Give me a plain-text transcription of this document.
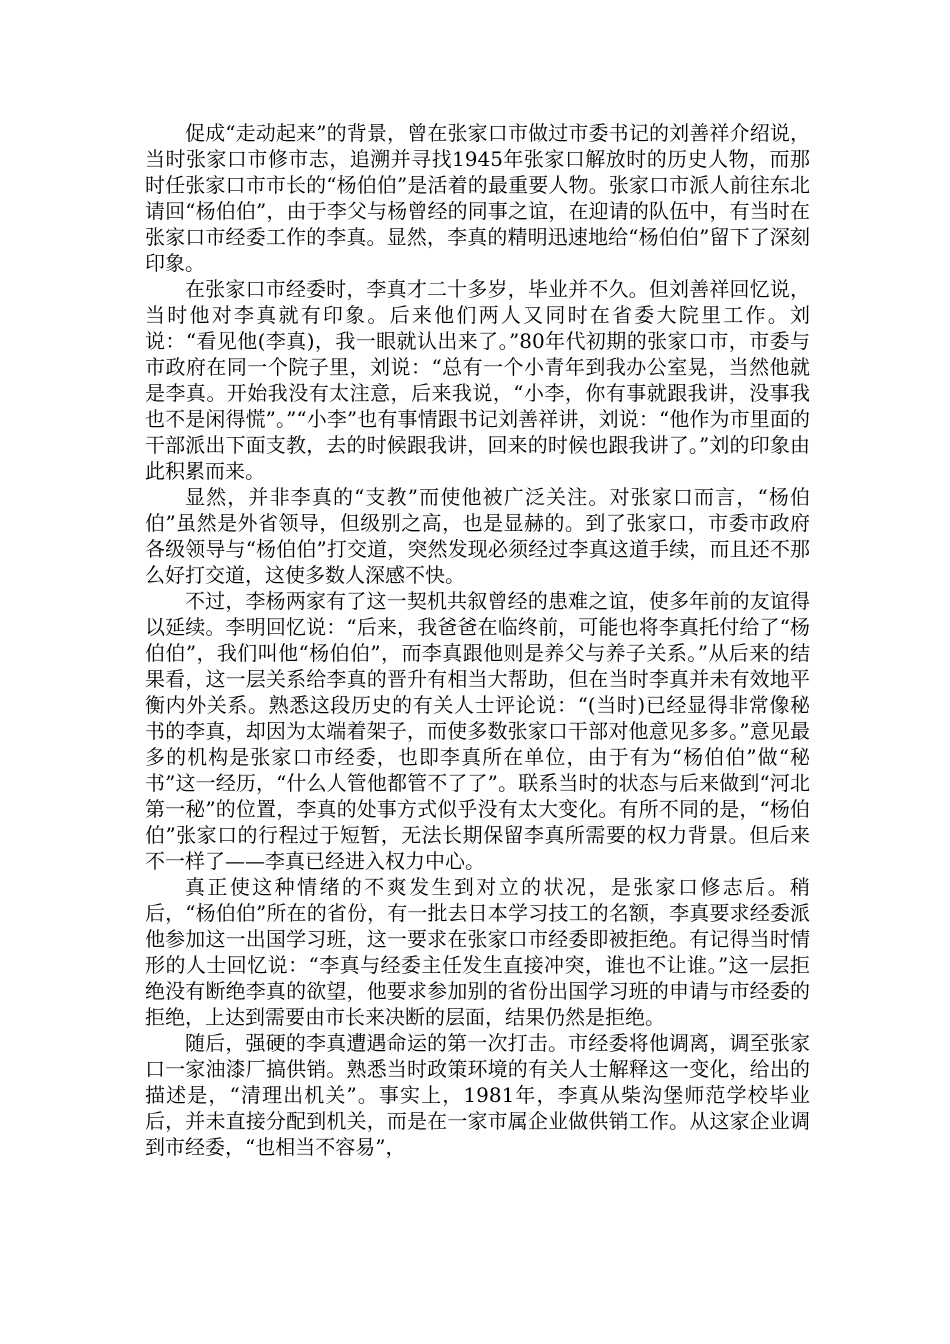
促成“走动起来”的背景，曾在张家口市做过市委书记的刘善祥介绍说，当时张家口市修市志，追溯并寻找1945年张家口解放时的历史人物，而那时任张家口市市长的“杨伯伯”是活着的最重要人物。张家口市派人前往东北请回“杨伯伯”，由于李父与杨曾经的同事之谊，在迎请的队伍中，有当时在张家口市经委工作的李真。显然，李真的精明迅速地给“杨伯伯”留下了深刻印象。

在张家口市经委时，李真才二十多岁，毕业并不久。但刘善祥回忆说，当时他对李真就有印象。后来他们两人又同时在省委大院里工作。刘说：“看见他(李真)，我一眼就认出来了。”80年代初期的张家口市，市委与市政府在同一个院子里，刘说：“总有一个小青年到我办公室晃，当然他就是李真。开始我没有太注意，后来我说，“小李，你有事就跟我讲，没事我也不是闲得慌”。”“小李”也有事情跟书记刘善祥讲，刘说：“他作为市里面的干部派出下面支教，去的时候跟我讲，回来的时候也跟我讲了。”刘的印象由此积累而来。

显然，并非李真的“支教”而使他被广泛关注。对张家口而言，“杨伯伯”虽然是外省领导，但级别之高，也是显赫的。到了张家口，市委市政府各级领导与“杨伯伯”打交道，突然发现必须经过李真这道手续，而且还不那么好打交道，这使多数人深感不快。

不过，李杨两家有了这一契机共叙曾经的患难之谊，使多年前的友谊得以延续。李明回忆说：“后来，我爸爸在临终前，可能也将李真托付给了“杨伯伯”，我们叫他“杨伯伯”，而李真跟他则是养父与养子关系。”从后来的结果看，这一层关系给李真的晋升有相当大帮助，但在当时李真并未有效地平衡内外关系。熟悉这段历史的有关人士评论说：“(当时)已经显得非常像秘书的李真，却因为太端着架子，而使多数张家口干部对他意见多多。”意见最多的机构是张家口市经委，也即李真所在单位，由于有为“杨伯伯”做“秘书”这一经历，“什么人管他都管不了了”。联系当时的状态与后来做到“河北第一秘”的位置，李真的处事方式似乎没有太大变化。有所不同的是，“杨伯伯”张家口的行程过于短暂，无法长期保留李真所需要的权力背景。但后来不一样了——李真已经进入权力中心。

真正使这种情绪的不爽发生到对立的状况，是张家口修志后。稍后，“杨伯伯”所在的省份，有一批去日本学习技工的名额，李真要求经委派他参加这一出国学习班，这一要求在张家口市经委即被拒绝。有记得当时情形的人士回忆说：“李真与经委主任发生直接冲突，谁也不让谁。”这一层拒绝没有断绝李真的欲望，他要求参加别的省份出国学习班的申请与市经委的拒绝，上达到需要由市长来决断的层面，结果仍然是拒绝。

随后，强硬的李真遭遇命运的第一次打击。市经委将他调离，调至张家口一家油漆厂搞供销。熟悉当时政策环境的有关人士解释这一变化，给出的描述是，“清理出机关”。事实上，1981年，李真从柴沟堡师范学校毕业后，并未直接分配到机关，而是在一家市属企业做供销工作。从这家企业调到市经委，“也相当不容易”，
